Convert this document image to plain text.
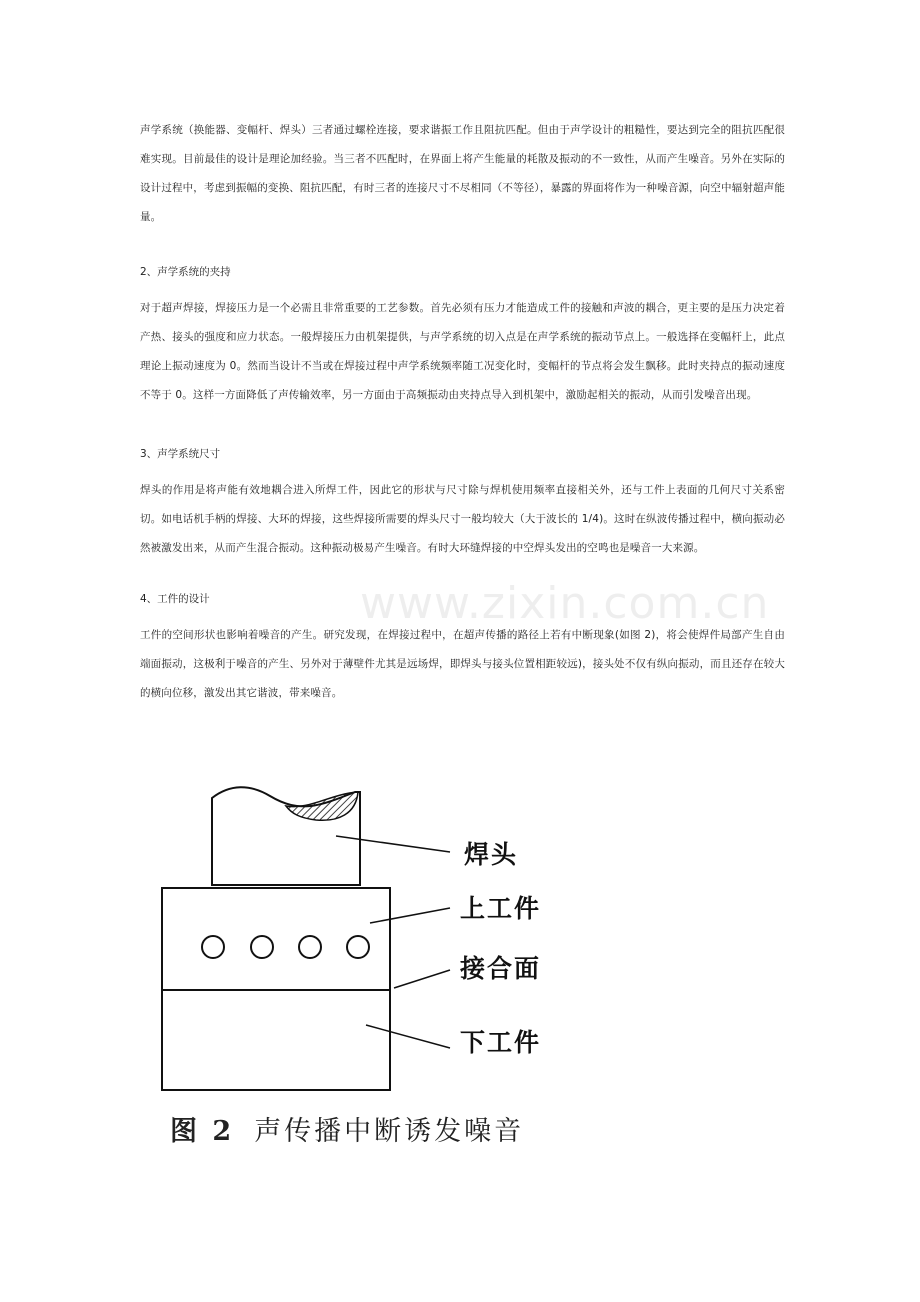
声学系统（换能器、变幅杆、焊头）三者通过螺栓连接，要求谐振工作且阻抗匹配。但由于声学设计的粗糙性，要达到完全的阻抗匹配很难实现。目前最佳的设计是理论加经验。当三者不匹配时，在界面上将产生能量的耗散及振动的不一致性，从而产生噪音。另外在实际的设计过程中，考虑到振幅的变换、阻抗匹配，有时三者的连接尺寸不尽相同（不等径），暴露的界面将作为一种噪音源，向空中辐射超声能量。

2、声学系统的夹持

对于超声焊接，焊接压力是一个必需且非常重要的工艺参数。首先必须有压力才能造成工件的接触和声波的耦合，更主要的是压力决定着产热、接头的强度和应力状态。一般焊接压力由机架提供，与声学系统的切入点是在声学系统的振动节点上。一般选择在变幅杆上，此点理论上振动速度为 0。然而当设计不当或在焊接过程中声学系统频率随工况变化时，变幅杆的节点将会发生飘移。此时夹持点的振动速度不等于 0。这样一方面降低了声传输效率，另一方面由于高频振动由夹持点导入到机架中，激励起相关的振动，从而引发噪音出现。

3、声学系统尺寸

焊头的作用是将声能有效地耦合进入所焊工件，因此它的形状与尺寸除与焊机使用频率直接相关外，还与工件上表面的几何尺寸关系密切。如电话机手柄的焊接、大环的焊接，这些焊接所需要的焊头尺寸一般均较大（大于波长的 1/4)。这时在纵波传播过程中，横向振动必然被激发出来，从而产生混合振动。这种振动极易产生噪音。有时大环缝焊接的中空焊头发出的空鸣也是噪音一大来源。

4、工件的设计

工件的空间形状也影响着噪音的产生。研究发现，在焊接过程中，在超声传播的路径上若有中断现象(如图 2)，将会使焊件局部产生自由端面振动，这极利于噪音的产生、另外对于薄壁件尤其是远场焊，即焊头与接头位置相距较远)，接头处不仅有纵向振动，而且还存在较大的横向位移，激发出其它谐波，带来噪音。

www.zixin.com.cn
焊头
上工件
接合面
下工件
图 2 声传播中断诱发噪音
